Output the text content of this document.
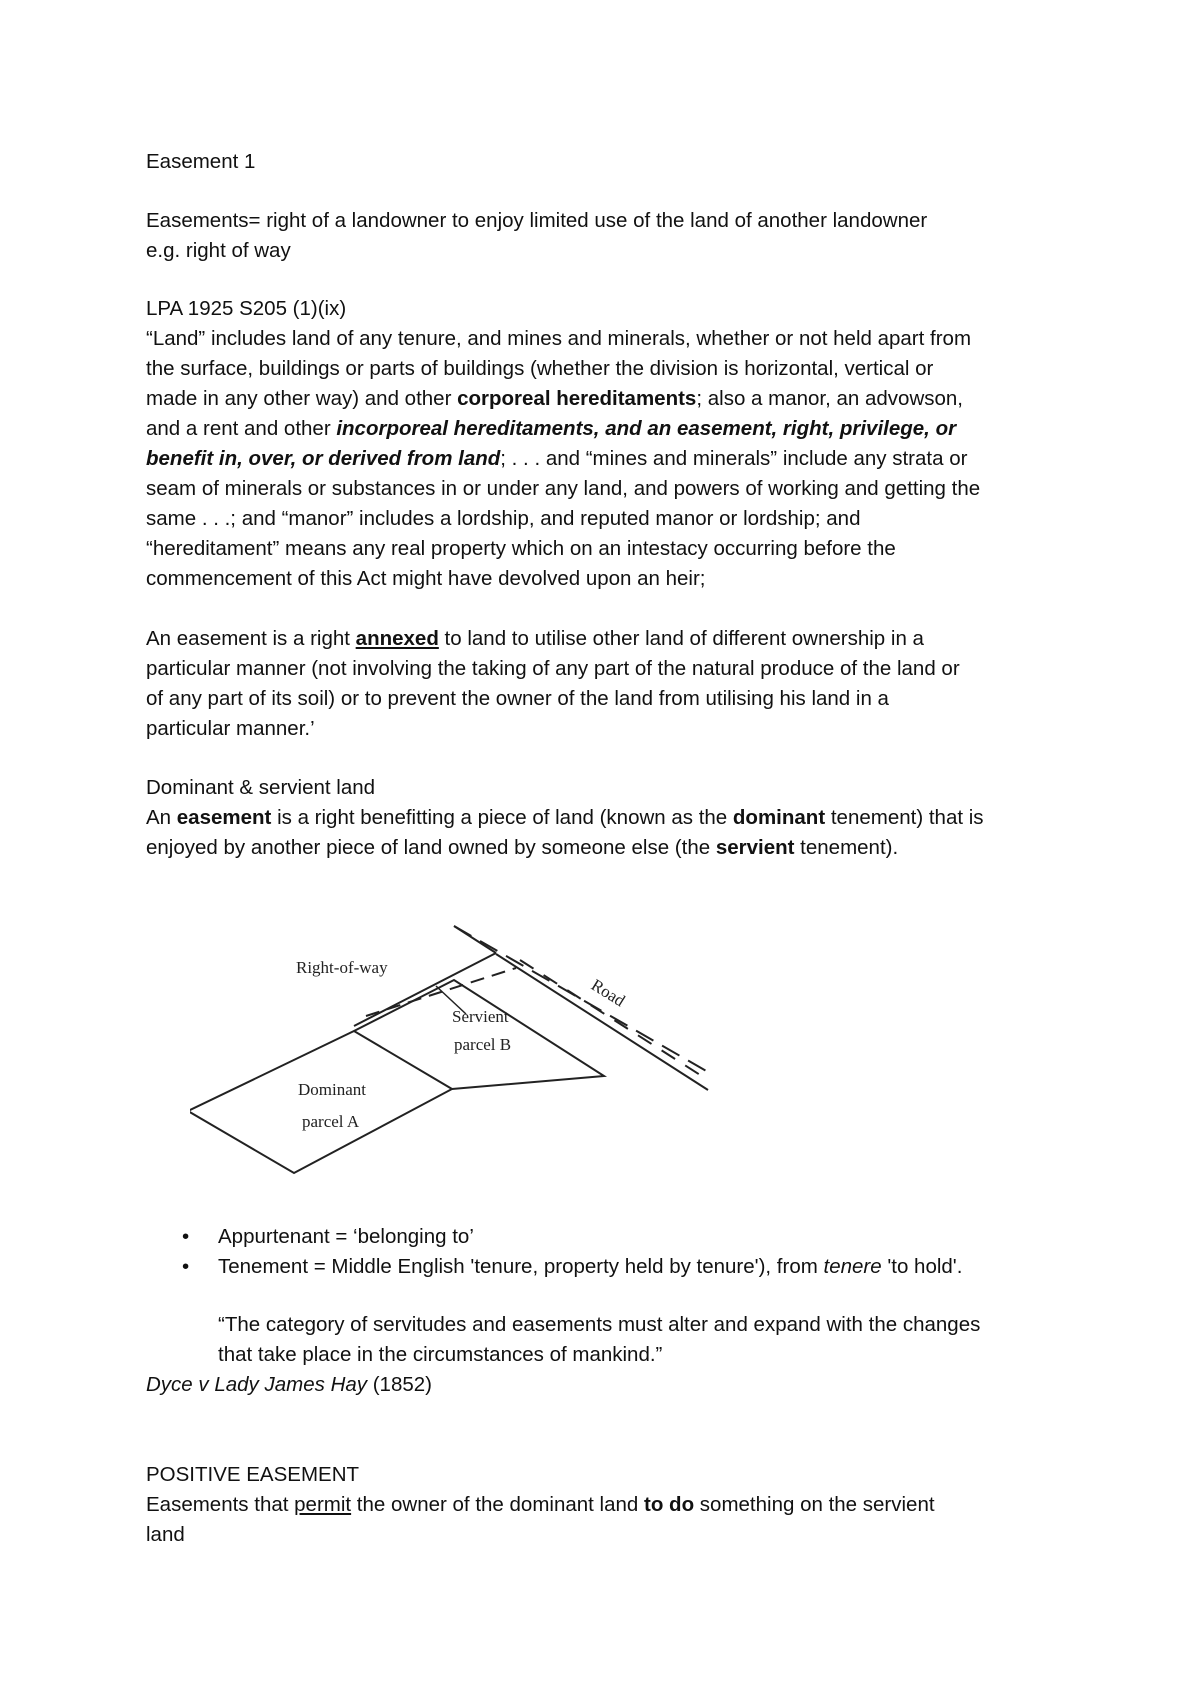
Easement 1

Easements= right of a landowner to enjoy limited use of the land of another landowner
e.g. right of way

LPA 1925 S205 (1)(ix)
“Land” includes land of any tenure, and mines and minerals, whether or not held apart from
the surface, buildings or parts of buildings (whether the division is horizontal, vertical or
made in any other way) and other corporeal hereditaments; also a manor, an advowson,
and a rent and other incorporeal hereditaments, and an easement, right, privilege, or
benefit in, over, or derived from land; . . . and “mines and minerals” include any strata or
seam of minerals or substances in or under any land, and powers of working and getting the
same . . .; and “manor” includes a lordship, and reputed manor or lordship; and
“hereditament” means any real property which on an intestacy occurring before the
commencement of this Act might have devolved upon an heir;
An easement is a right annexed to land to utilise other land of different ownership in a
particular manner (not involving the taking of any part of the natural produce of the land or
of any part of its soil) or to prevent the owner of the land from utilising his land in a
particular manner.’
Dominant & servient land
An easement is a right benefitting a piece of land (known as the dominant tenement) that is
enjoyed by another piece of land owned by someone else (the servient tenement).
Right-of-way
Road
Servient
parcel B
Dominant
parcel A
• Appurtenant = ‘belonging to’
• Tenement = Middle English 'tenure, property held by tenure'), from tenere 'to hold'.
“The category of servitudes and easements must alter and expand with the changes
that take place in the circumstances of mankind.”
Dyce v Lady James Hay (1852)
POSITIVE EASEMENT
Easements that permit the owner of the dominant land to do something on the servient
land
